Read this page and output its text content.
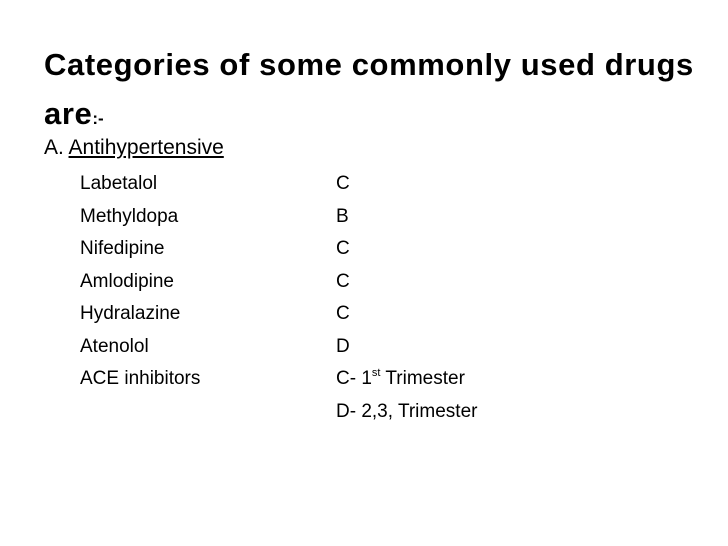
Categories of some commonly used drugs are:-
A. Antihypertensive
Labetalol	C
Methyldopa	B
Nifedipine	C
Amlodipine	C
Hydralazine	C
Atenolol	D
ACE inhibitors	C- 1st Trimester
D- 2,3, Trimester
